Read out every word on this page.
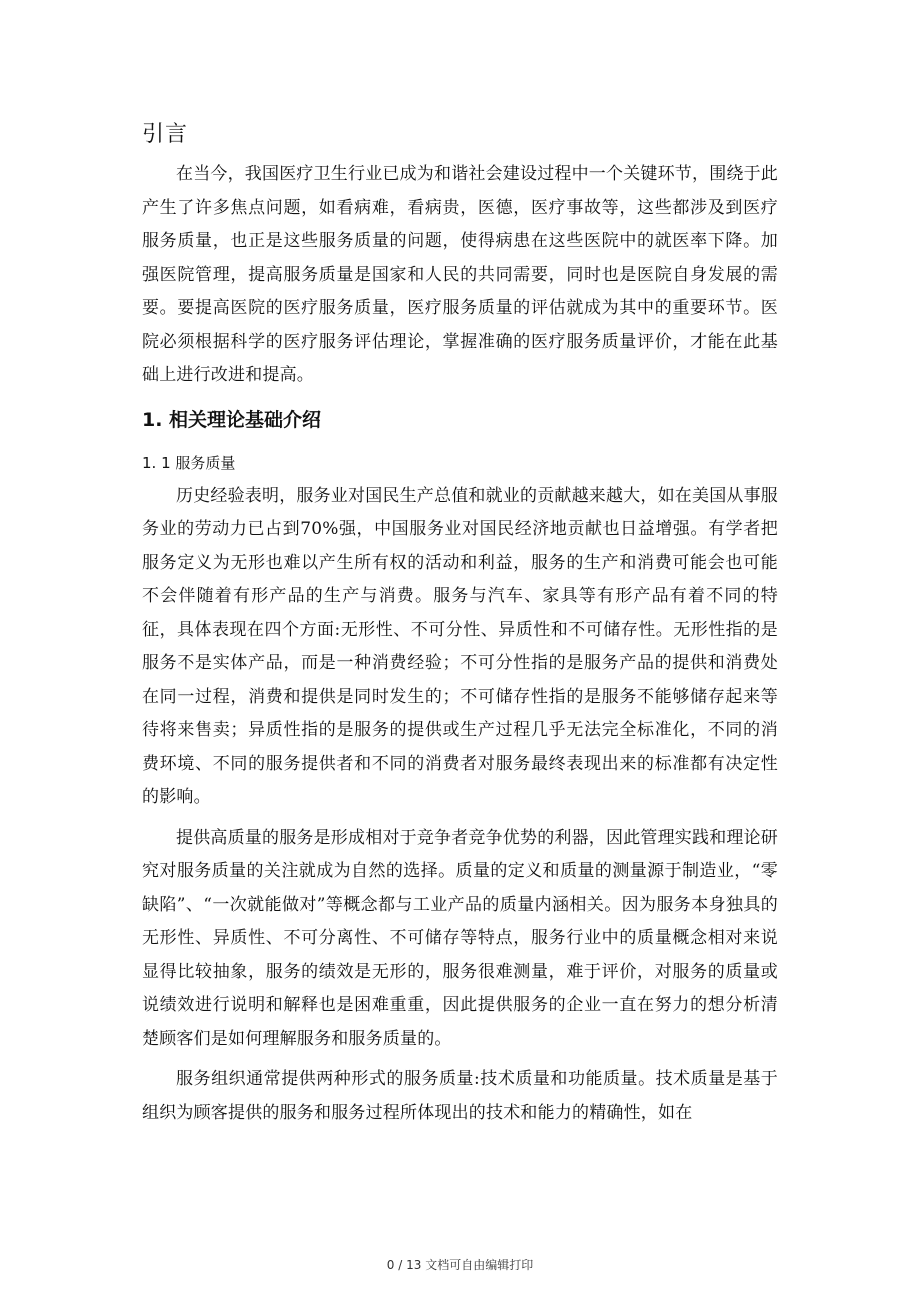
引言

在当今，我国医疗卫生行业已成为和谐社会建设过程中一个关键环节，围绕于此产生了许多焦点问题，如看病难，看病贵，医德，医疗事故等，这些都涉及到医疗服务质量，也正是这些服务质量的问题，使得病患在这些医院中的就医率下降。加强医院管理，提高服务质量是国家和人民的共同需要，同时也是医院自身发展的需要。要提高医院的医疗服务质量，医疗服务质量的评估就成为其中的重要环节。医院必须根据科学的医疗服务评估理论，掌握准确的医疗服务质量评价，才能在此基础上进行改进和提高。

1. 相关理论基础介绍
1. 1 服务质量

历史经验表明，服务业对国民生产总值和就业的贡献越来越大，如在美国从事服务业的劳动力已占到70%强，中国服务业对国民经济地贡献也日益增强。有学者把服务定义为无形也难以产生所有权的活动和利益，服务的生产和消费可能会也可能不会伴随着有形产品的生产与消费。服务与汽车、家具等有形产品有着不同的特征，具体表现在四个方面:无形性、不可分性、异质性和不可储存性。无形性指的是服务不是实体产品，而是一种消费经验；不可分性指的是服务产品的提供和消费处在同一过程，消费和提供是同时发生的；不可储存性指的是服务不能够储存起来等待将来售卖；异质性指的是服务的提供或生产过程几乎无法完全标准化，不同的消费环境、不同的服务提供者和不同的消费者对服务最终表现出来的标准都有决定性的影响。

提供高质量的服务是形成相对于竞争者竞争优势的利器，因此管理实践和理论研究对服务质量的关注就成为自然的选择。质量的定义和质量的测量源于制造业，“零缺陷”、“一次就能做对”等概念都与工业产品的质量内涵相关。因为服务本身独具的无形性、异质性、不可分离性、不可储存等特点，服务行业中的质量概念相对来说显得比较抽象，服务的绩效是无形的，服务很难测量，难于评价，对服务的质量或说绩效进行说明和解释也是困难重重，因此提供服务的企业一直在努力的想分析清楚顾客们是如何理解服务和服务质量的。

服务组织通常提供两种形式的服务质量:技术质量和功能质量。技术质量是基于组织为顾客提供的服务和服务过程所体现出的技术和能力的精确性，如在

0 / 13 文档可自由编辑打印
